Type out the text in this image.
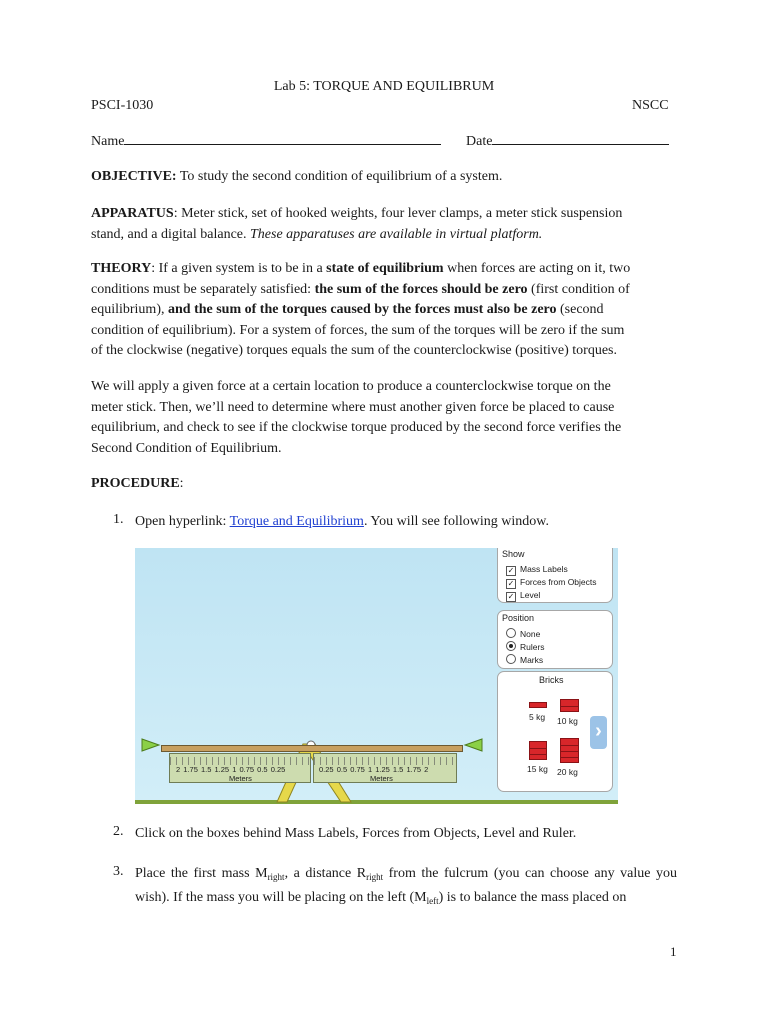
Lab 5: TORQUE AND EQUILIBRUM
PSCI-1030	NSCC
Name	Date
OBJECTIVE: To study the second condition of equilibrium of a system.
APPARATUS: Meter stick, set of hooked weights, four lever clamps, a meter stick suspension
stand, and a digital balance. These apparatuses are available in virtual platform.
THEORY: If a given system is to be in a state of equilibrium when forces are acting on it, two
conditions must be separately satisfied: the sum of the forces should be zero (first condition of
equilibrium), and the sum of the torques caused by the forces must also be zero (second
condition of equilibrium). For a system of forces, the sum of the torques will be zero if the sum
of the clockwise (negative) torques equals the sum of the counterclockwise (positive) torques.
We will apply a given force at a certain location to produce a counterclockwise torque on the
meter stick. Then, we’ll need to determine where must another given force be placed to cause
equilibrium, and check to see if the clockwise torque produced by the second force verifies the
Second Condition of Equilibrium.
PROCEDURE:
1. Open hyperlink: Torque and Equilibrium. You will see following window.
Show
✓ Mass Labels
✓ Forces from Objects
✓ Level
Position
None
Rulers
Marks
Bricks
5 kg 10 kg
15 kg 20 kg
›
2 1.75 1.5 1.25 1 0.75 0.5 0.25
Meters
0.25 0.5 0.75 1 1.25 1.5 1.75 2
Meters
2. Click on the boxes behind Mass Labels, Forces from Objects, Level and Ruler.
3. Place the first mass $M_{right}$, a distance $R_{right}$ from the fulcrum (you can choose any value you
wish). If the mass you will be placing on the left $(M_{left})$ is to balance the mass placed on
1
